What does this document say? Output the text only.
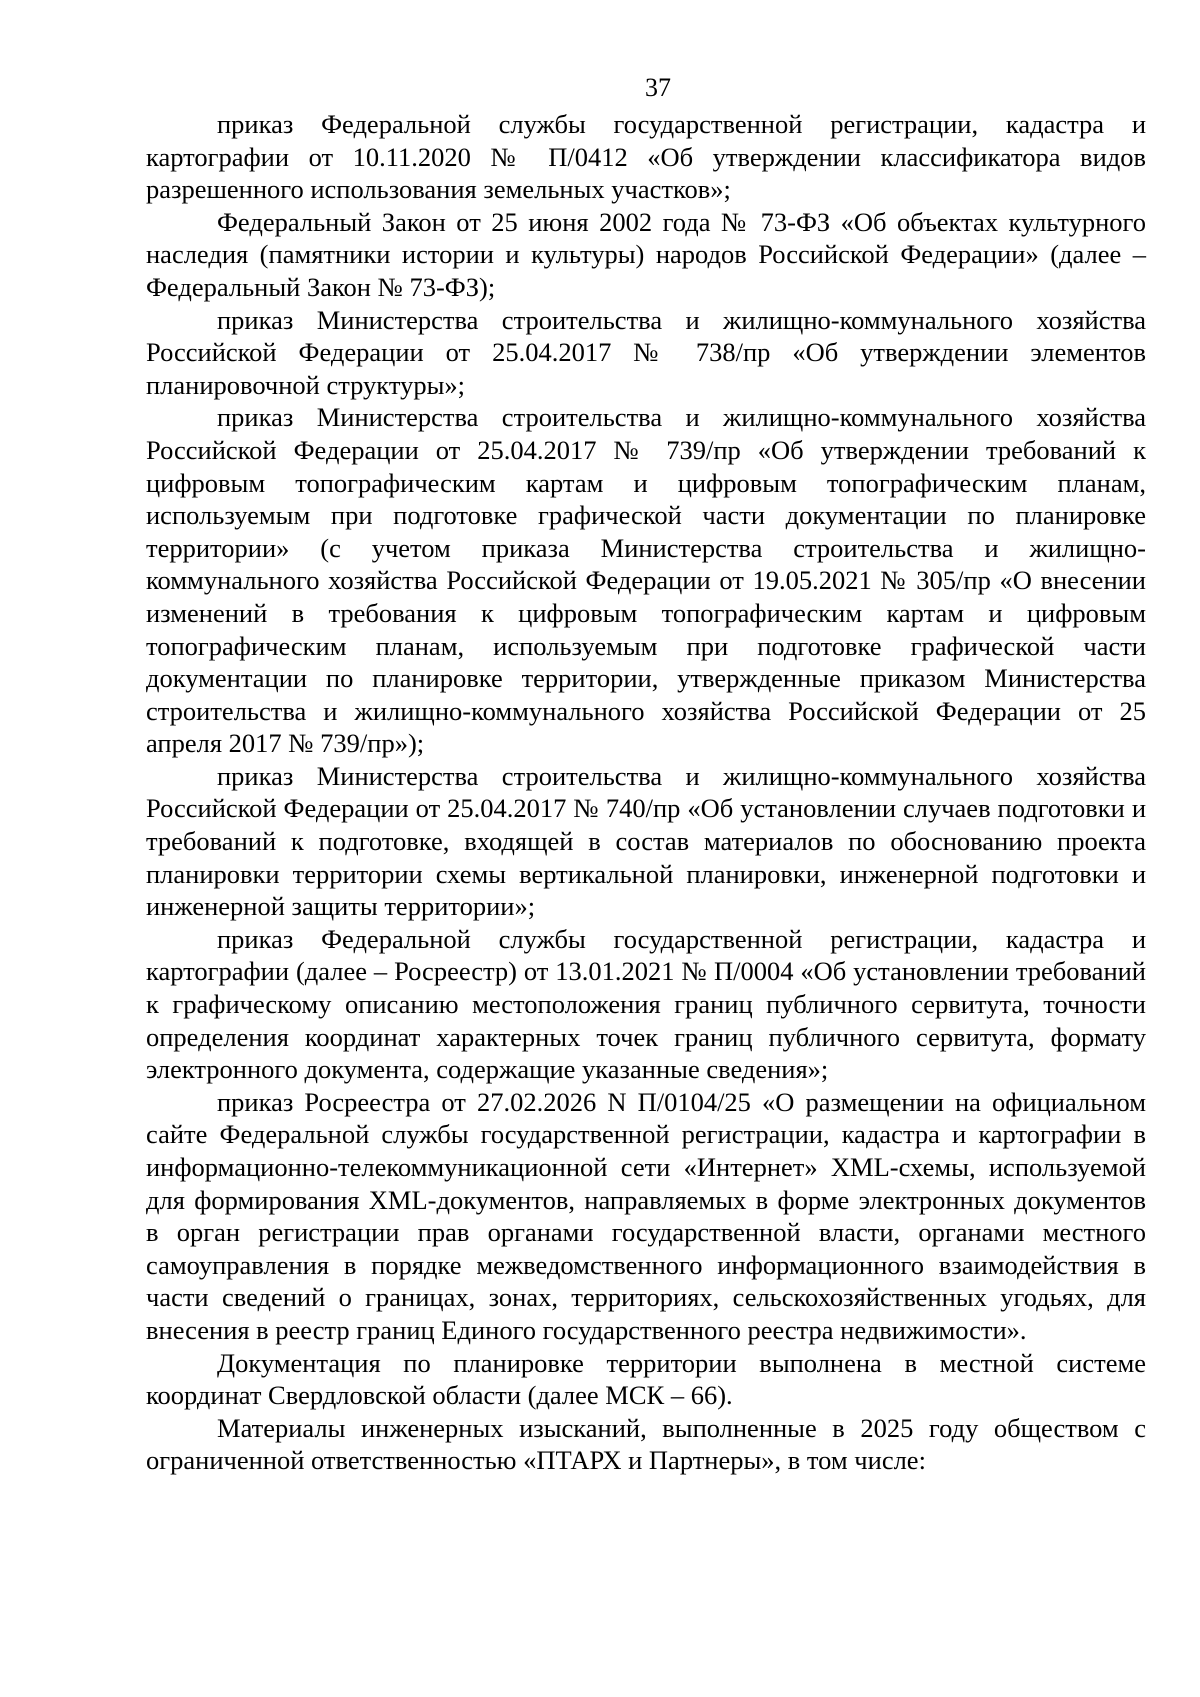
37

приказ Федеральной службы государственной регистрации, кадастра и картографии от 10.11.2020 № П/0412 «Об утверждении классификатора видов разрешенного использования земельных участков»;

Федеральный Закон от 25 июня 2002 года № 73-ФЗ «Об объектах культурного наследия (памятники истории и культуры) народов Российской Федерации» (далее – Федеральный Закон № 73-ФЗ);

приказ Министерства строительства и жилищно-коммунального хозяйства Российской Федерации от 25.04.2017 № 738/пр «Об утверждении элементов планировочной структуры»;

приказ Министерства строительства и жилищно-коммунального хозяйства Российской Федерации от 25.04.2017 № 739/пр «Об утверждении требований к цифровым топографическим картам и цифровым топографическим планам, используемым при подготовке графической части документации по планировке территории» (с учетом приказа Министерства строительства и жилищно-коммунального хозяйства Российской Федерации от 19.05.2021 № 305/пр «О внесении изменений в требования к цифровым топографическим картам и цифровым топографическим планам, используемым при подготовке графической части документации по планировке территории, утвержденные приказом Министерства строительства и жилищно-коммунального хозяйства Российской Федерации от 25 апреля 2017 № 739/пр»);

приказ Министерства строительства и жилищно-коммунального хозяйства Российской Федерации от 25.04.2017 № 740/пр «Об установлении случаев подготовки и требований к подготовке, входящей в состав материалов по обоснованию проекта планировки территории схемы вертикальной планировки, инженерной подготовки и инженерной защиты территории»;

приказ Федеральной службы государственной регистрации, кадастра и картографии (далее – Росреестр) от 13.01.2021 № П/0004 «Об установлении требований к графическому описанию местоположения границ публичного сервитута, точности определения координат характерных точек границ публичного сервитута, формату электронного документа, содержащие указанные сведения»;

приказ Росреестра от 27.02.2026 N П/0104/25 «О размещении на официальном сайте Федеральной службы государственной регистрации, кадастра и картографии в информационно-телекоммуникационной сети «Интернет» XML-схемы, используемой для формирования XML-документов, направляемых в форме электронных документов в орган регистрации прав органами государственной власти, органами местного самоуправления в порядке межведомственного информационного взаимодействия в части сведений о границах, зонах, территориях, сельскохозяйственных угодьях, для внесения в реестр границ Единого государственного реестра недвижимости».

Документация по планировке территории выполнена в местной системе координат Свердловской области (далее МСК – 66).

Материалы инженерных изысканий, выполненные в 2025 году обществом с ограниченной ответственностью «ПТАРХ и Партнеры», в том числе:
